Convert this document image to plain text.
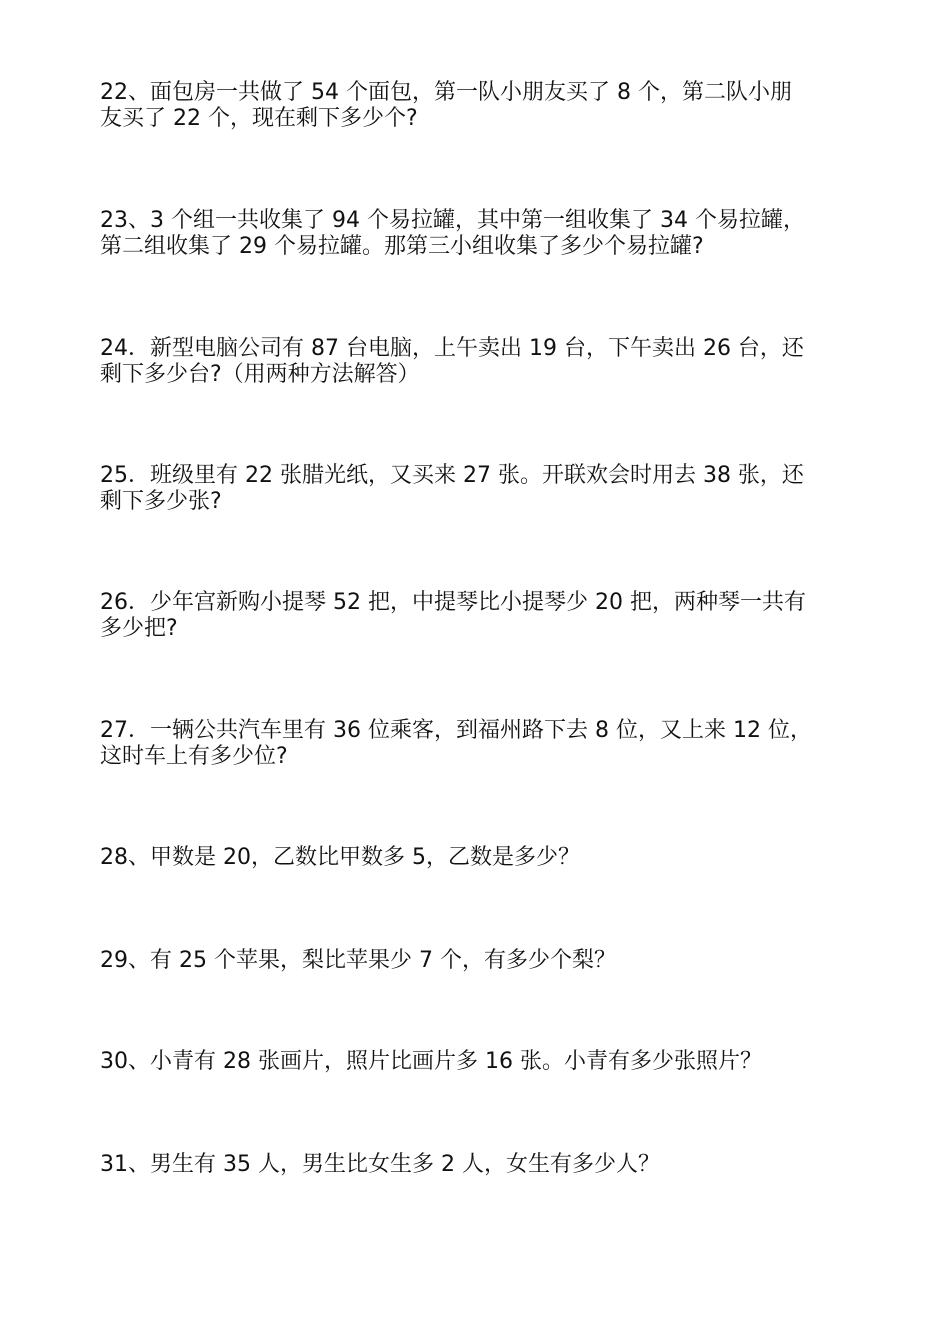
22、面包房一共做了 54 个面包，第一队小朋友买了 8 个，第二队小朋
友买了 22 个，现在剩下多少个?
23、3 个组一共收集了 94 个易拉罐，其中第一组收集了 34 个易拉罐，
第二组收集了 29 个易拉罐。那第三小组收集了多少个易拉罐?
24．新型电脑公司有 87 台电脑，上午卖出 19 台，下午卖出 26 台，还
剩下多少台?（用两种方法解答）
25．班级里有 22 张腊光纸，又买来 27 张。开联欢会时用去 38 张，还
剩下多少张?
26．少年宫新购小提琴 52 把，中提琴比小提琴少 20 把，两种琴一共有
多少把?
27．一辆公共汽车里有 36 位乘客，到福州路下去 8 位，又上来 12 位，
这时车上有多少位?
28、甲数是 20，乙数比甲数多 5，乙数是多少？
29、有 25 个苹果，梨比苹果少 7 个，有多少个梨？
30、小青有 28 张画片，照片比画片多 16 张。小青有多少张照片？
31、男生有 35 人，男生比女生多 2 人，女生有多少人？
